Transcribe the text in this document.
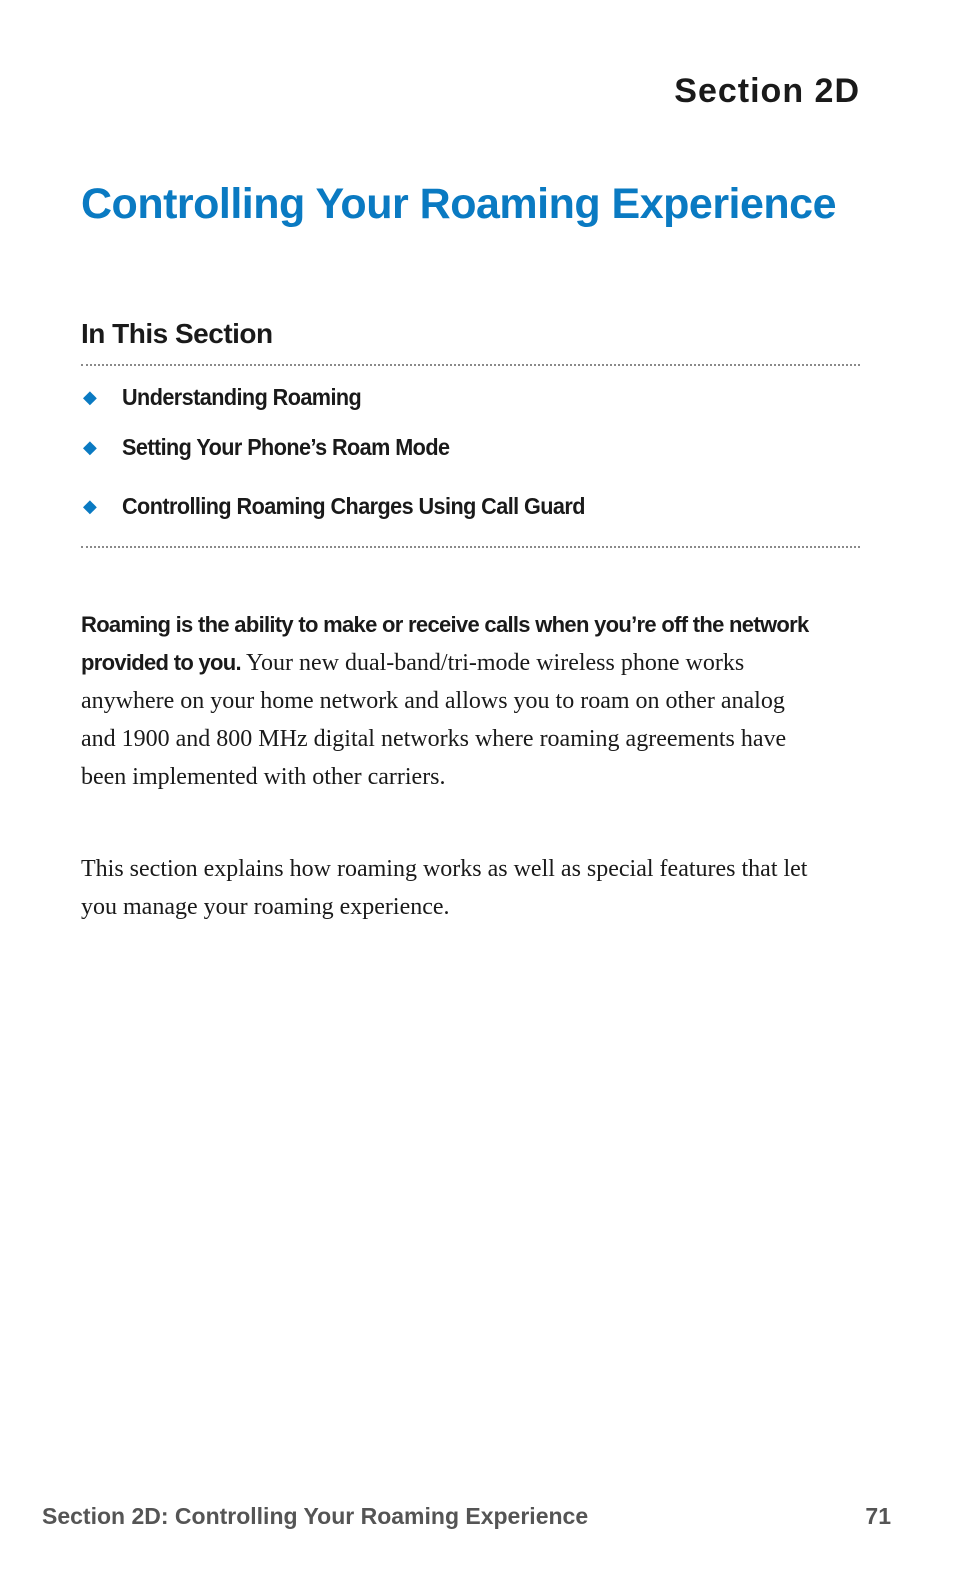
Section 2D

Controlling Your Roaming Experience
In This Section
◆	Understanding Roaming
◆	Setting Your Phone’s Roam Mode
◆	Controlling Roaming Charges Using Call Guard

Roaming is the ability to make or receive calls when you’re off the network provided to you. Your new dual-band/tri-mode wireless phone works anywhere on your home network and allows you to roam on other analog and 1900 and 800 MHz digital networks where roaming agreements have been implemented with other carriers.

This section explains how roaming works as well as special features that let you manage your roaming experience.

Section 2D: Controlling Your Roaming Experience	71
